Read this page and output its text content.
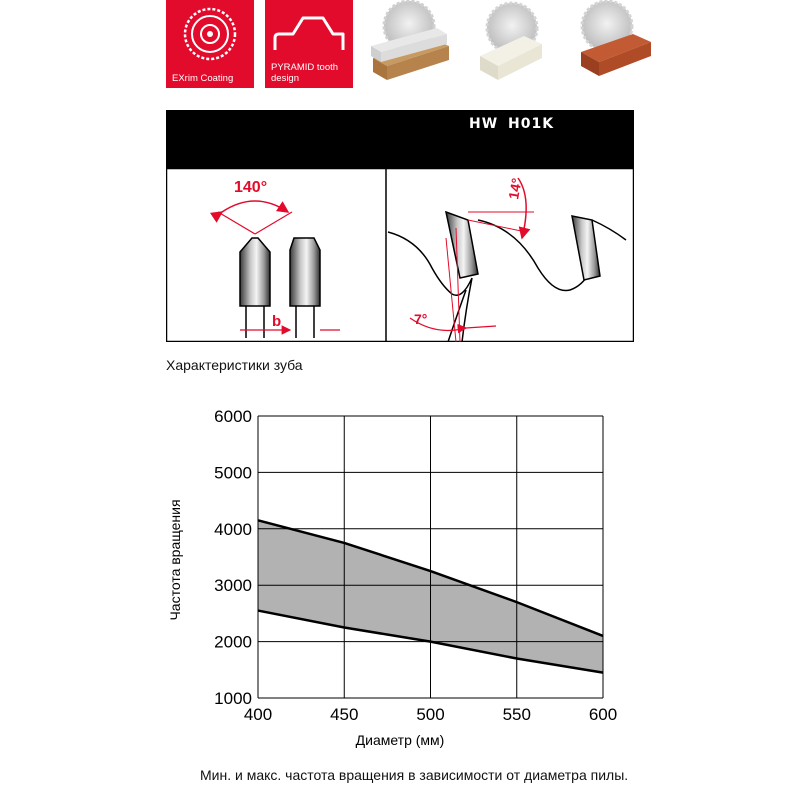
EXrim Coating
PYRAMID tooth design
HW H01K
140°
b
14°
7°
Характеристики зуба
1000
2000
3000
4000
5000
6000
400	450	500	550	600
Частота вращения
Диаметр (мм)
Мин. и макс. частота вращения в зависимости от диаметра пилы.
